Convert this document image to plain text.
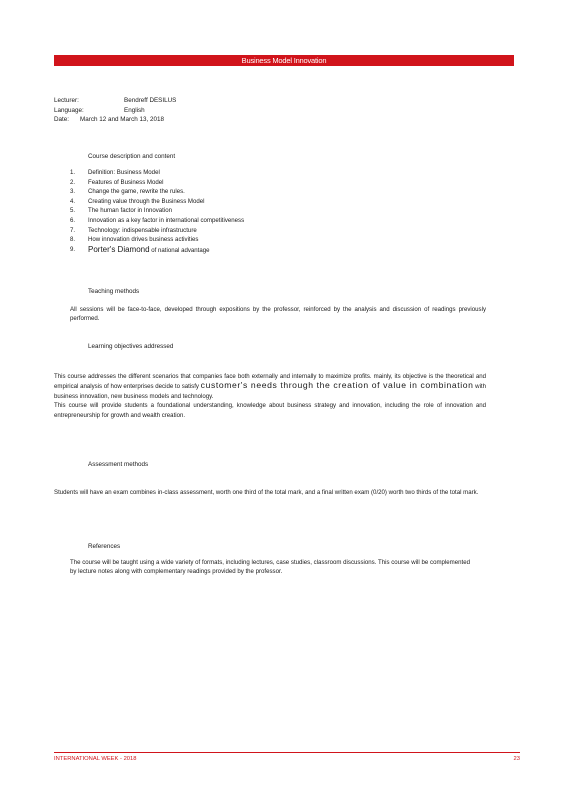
Business Model Innovation
Lecturer:	Bendreff DESILUS
Language:	English
Date:	March 12 and March 13, 2018
Course description and content
1.	Definition: Business Model
2.	Features of Business Model
3.	Change the game, rewrite the rules.
4.	Creating value through the Business Model
5.	The human factor in Innovation
6.	Innovation as a key factor in international competitiveness
7.	Technology: indispensable infrastructure
8.	How innovation drives business activities
9.	Porter's Diamond of national advantage
Teaching methods
All sessions will be face-to-face, developed through expositions by the professor, reinforced by the analysis and discussion of readings previously performed.
Learning objectives addressed
This course addresses the different scenarios that companies face both externally and internally to maximize profits. mainly, its objective is the theoretical and empirical analysis of how enterprises decide to satisfy customer's needs through the creation of value in combination with business innovation, new business models and technology.
This course will provide students a foundational understanding, knowledge about business strategy and innovation, including the role of innovation and entrepreneurship for growth and wealth creation.
Assessment methods
Students will have an exam combines in-class assessment, worth one third of the total mark, and a final written exam (0/20) worth two thirds of the total mark.
References
The course will be taught using a wide variety of formats, including lectures, case studies, classroom discussions. This course will be complemented by lecture notes along with complementary readings provided by the professor.
INTERNATIONAL WEEK - 2018	23
